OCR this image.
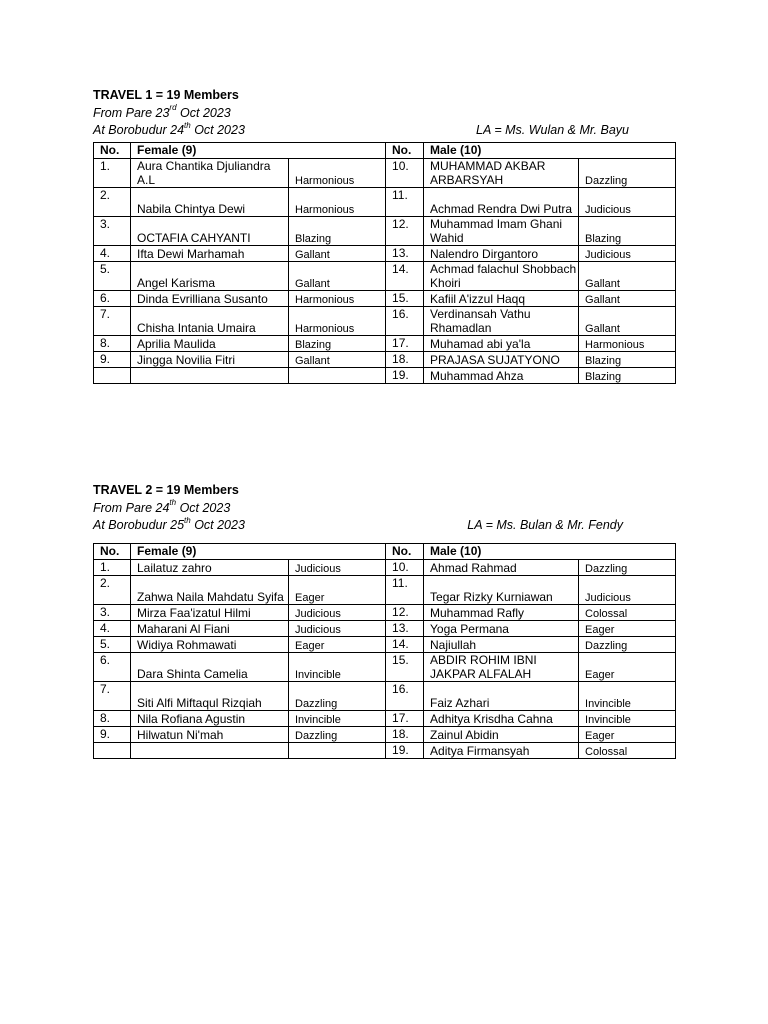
TRAVEL 1 = 19 Members
From Pare 23rd Oct 2023
At Borobudur 24th Oct 2023	LA = Ms. Wulan & Mr. Bayu
No.	Female (9)		No.	Male (10)	
1.	Aura Chantika Djuliandra A.L	Harmonious	10.	MUHAMMAD AKBAR ARBARSYAH	Dazzling
2.	Nabila Chintya Dewi	Harmonious	11.	Achmad Rendra Dwi Putra	Judicious
3.	OCTAFIA CAHYANTI	Blazing	12.	Muhammad Imam Ghani Wahid	Blazing
4.	Ifta Dewi Marhamah	Gallant	13.	Nalendro Dirgantoro	Judicious
5.	Angel Karisma	Gallant	14.	Achmad falachul Shobbach Khoiri	Gallant
6.	Dinda Evrilliana Susanto	Harmonious	15.	Kafiil A'izzul Haqq	Gallant
7.	Chisha Intania Umaira	Harmonious	16.	Verdinansah Vathu Rhamadlan	Gallant
8.	Aprilia Maulida	Blazing	17.	Muhamad abi ya'la	Harmonious
9.	Jingga Novilia Fitri	Gallant	18.	PRAJASA SUJATYONO	Blazing
			19.	Muhammad Ahza	Blazing
TRAVEL 2 = 19 Members
From Pare 24th Oct 2023
At Borobudur 25th Oct 2023	LA = Ms. Bulan & Mr. Fendy
No.	Female (9)		No.	Male (10)	
1.	Lailatuz zahro	Judicious	10.	Ahmad Rahmad	Dazzling
2.	Zahwa Naila Mahdatu Syifa	Eager	11.	Tegar Rizky Kurniawan	Judicious
3.	Mirza Faa'izatul Hilmi	Judicious	12.	Muhammad Rafly	Colossal
4.	Maharani Al Fiani	Judicious	13.	Yoga Permana	Eager
5.	Widiya Rohmawati	Eager	14.	Najiullah	Dazzling
6.	Dara Shinta Camelia	Invincible	15.	ABDIR ROHIM IBNI JAKPAR ALFALAH	Eager
7.	Siti Alfi Miftaqul Rizqiah	Dazzling	16.	Faiz Azhari	Invincible
8.	Nila Rofiana Agustin	Invincible	17.	Adhitya Krisdha Cahna	Invincible
9.	Hilwatun Ni'mah	Dazzling	18.	Zainul Abidin	Eager
			19.	Aditya Firmansyah	Colossal
